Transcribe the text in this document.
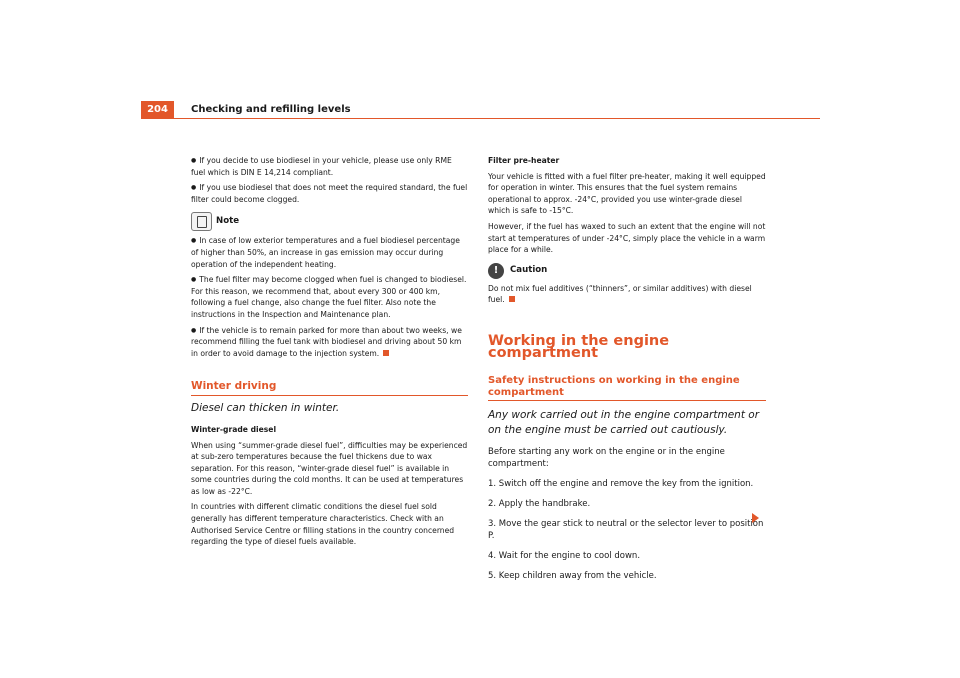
204	Checking and refilling levels

● If you decide to use biodiesel in your vehicle, please use only RME fuel which is DIN E 14,214 compliant.

● If you use biodiesel that does not meet the required standard, the fuel filter could become clogged.

Note

● In case of low exterior temperatures and a fuel biodiesel percentage of higher than 50%, an increase in gas emission may occur during operation of the independent heating.

● The fuel filter may become clogged when fuel is changed to biodiesel. For this reason, we recommend that, about every 300 or 400 km, following a fuel change, also change the fuel filter. Also note the instructions in the Inspection and Maintenance plan.

● If the vehicle is to remain parked for more than about two weeks, we recommend filling the fuel tank with biodiesel and driving about 50 km in order to avoid damage to the injection system.

Winter driving
Diesel can thicken in winter.

Winter-grade diesel

When using “summer-grade diesel fuel”, difficulties may be experienced at sub-zero temperatures because the fuel thickens due to wax separation. For this reason, “winter-grade diesel fuel” is available in some countries during the cold months. It can be used at temperatures as low as -22°C.

In countries with different climatic conditions the diesel fuel sold generally has different temperature characteristics. Check with an Authorised Service Centre or filling stations in the country concerned regarding the type of diesel fuels available.

Filter pre-heater

Your vehicle is fitted with a fuel filter pre-heater, making it well equipped for operation in winter. This ensures that the fuel system remains operational to approx. -24°C, provided you use winter-grade diesel which is safe to -15°C.

However, if the fuel has waxed to such an extent that the engine will not start at temperatures of under -24°C, simply place the vehicle in a warm place for a while.

!	Caution

Do not mix fuel additives (“thinners”, or similar additives) with diesel fuel.

Working in the engine compartment
Safety instructions on working in the engine compartment
Any work carried out in the engine compartment or on the engine must be carried out cautiously.

Before starting any work on the engine or in the engine compartment:

1. Switch off the engine and remove the key from the ignition.

2. Apply the handbrake.

3. Move the gear stick to neutral or the selector lever to position P.

4. Wait for the engine to cool down.

5. Keep children away from the vehicle.
